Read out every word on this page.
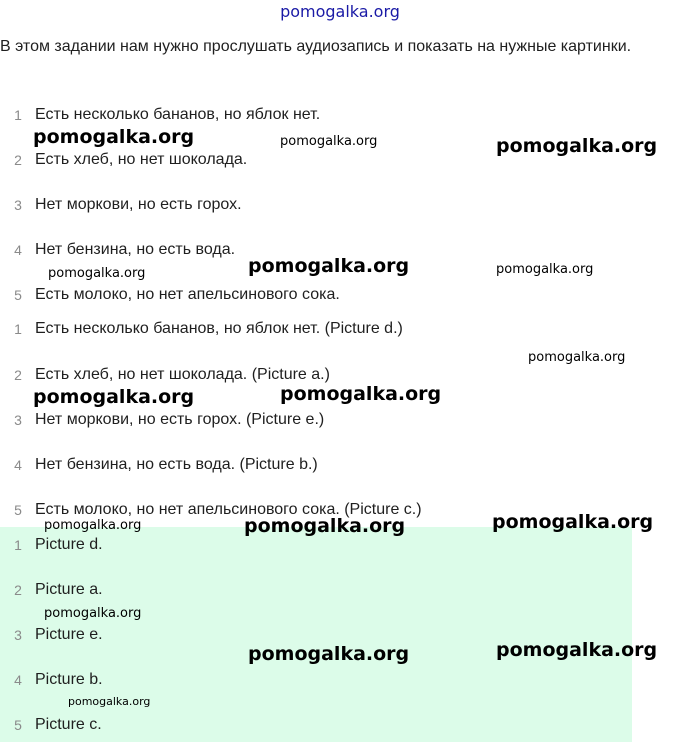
pomogalka.org
В этом задании нам нужно прослушать аудиозапись и показать на нужные картинки.
1 Есть несколько бананов, но яблок нет.
2 Есть хлеб, но нет шоколада.
3 Нет моркови, но есть горох.
4 Нет бензина, но есть вода.
5 Есть молоко, но нет апельсинового сока.
1 Есть несколько бананов, но яблок нет. (Picture d.)
2 Есть хлеб, но нет шоколада. (Picture a.)
3 Нет моркови, но есть горох. (Picture e.)
4 Нет бензина, но есть вода. (Picture b.)
5 Есть молоко, но нет апельсинового сока. (Picture c.)
1 Picture d.
2 Picture a.
3 Picture e.
4 Picture b.
5 Picture c.
pomogalka.org	pomogalka.org	pomogalka.org
pomogalka.org	pomogalka.org	pomogalka.org
pomogalka.org
pomogalka.org	pomogalka.org
pomogalka.org	pomogalka.org	pomogalka.org
pomogalka.org
pomogalka.org	pomogalka.org
pomogalka.org
